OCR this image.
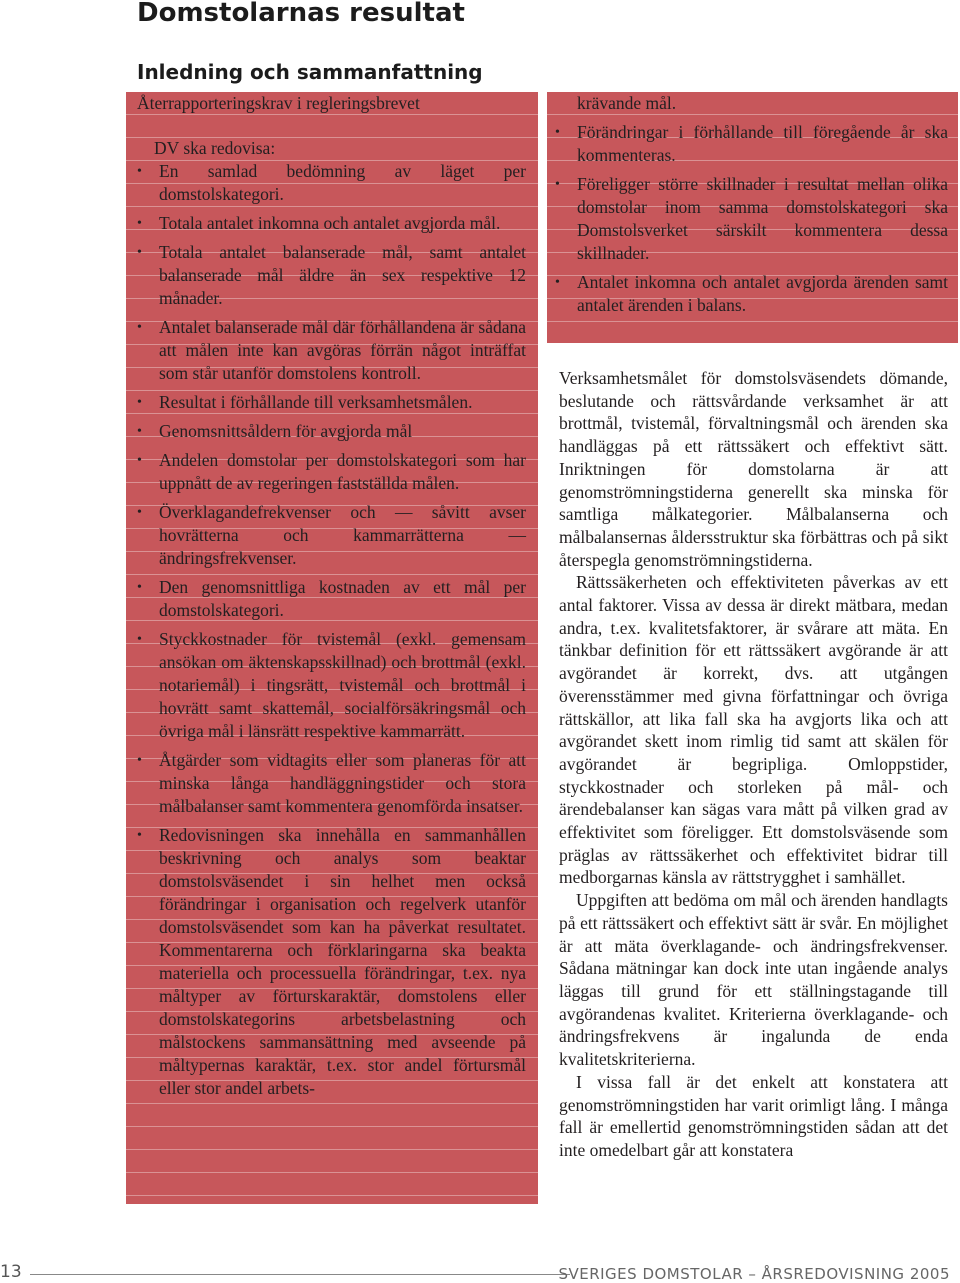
Domstolarnas resultat
Inledning och sammanfattning
Återrapporteringskrav i regleringsbrevet
DV ska redovisa:
• En samlad bedömning av läget per domstolskategori.
• Totala antalet inkomna och antalet avgjorda mål.
• Totala antalet balanserade mål, samt antalet balanserade mål äldre än sex respektive 12 månader.
• Antalet balanserade mål där förhållandena är sådana att målen inte kan avgöras förrän något inträffat som står utanför domstolens kontroll.
• Resultat i förhållande till verksamhetsmålen.
• Genomsnittsåldern för avgjorda mål
• Andelen domstolar per domstolskategori som har uppnått de av regeringen fastställda målen.
• Överklagandefrekvenser och — såvitt avser hovrätterna och kammarrätterna — ändringsfrekvenser.
• Den genomsnittliga kostnaden av ett mål per domstolskategori.
• Styckkostnader för tvistemål (exkl. gemensam ansökan om äktenskapsskillnad) och brottmål (exkl. notariemål) i tingsrätt, tvistemål och brottmål i hovrätt samt skattemål, socialförsäkringsmål och övriga mål i länsrätt respektive kammarrätt.
• Åtgärder som vidtagits eller som planeras för att minska långa handläggningstider och stora målbalanser samt kommentera genomförda insatser.
• Redovisningen ska innehålla en sammanhållen beskrivning och analys som beaktar domstolsväsendet i sin helhet men också förändringar i organisation och regelverk utanför domstolsväsendet som kan ha påverkat resultatet. Kommentarerna och förklaringarna ska beakta materiella och processuella förändringar, t.ex. nya måltyper av förturskaraktär, domstolens eller domstolskategorins arbetsbelastning och målstockens sammansättning med avseende på måltypernas karaktär, t.ex. stor andel förtursmål eller stor andel arbets-
krävande mål.
• Förändringar i förhållande till föregående år ska kommenteras.
• Föreligger större skillnader i resultat mellan olika domstolar inom samma domstolskategori ska Domstolsverket särskilt kommentera dessa skillnader.
• Antalet inkomna och antalet avgjorda ärenden samt antalet ärenden i balans.

Verksamhetsmålet för domstolsväsendets dömande, beslutande och rättsvårdande verksamhet är att brottmål, tvistemål, förvaltningsmål och ärenden ska handläggas på ett rättssäkert och effektivt sätt. Inriktningen för domstolarna är att genomströmningstiderna generellt ska minska för samtliga målkategorier. Målbalanserna och målbalansernas åldersstruktur ska förbättras och på sikt återspegla genomströmningstiderna.

Rättssäkerheten och effektiviteten påverkas av ett antal faktorer. Vissa av dessa är direkt mätbara, medan andra, t.ex. kvalitetsfaktorer, är svårare att mäta. En tänkbar definition för ett rättssäkert avgörande är att avgörandet är korrekt, dvs. att utgången överensstämmer med givna författningar och övriga rättskällor, att lika fall ska ha avgjorts lika och att avgörandet skett inom rimlig tid samt att skälen för avgörandet är begripliga. Omloppstider, styckkostnader och storleken på mål- och ärendebalanser kan sägas vara mått på vilken grad av effektivitet som föreligger. Ett domstolsväsende som präglas av rättssäkerhet och effektivitet bidrar till medborgarnas känsla av rättstrygghet i samhället.

Uppgiften att bedöma om mål och ärenden handlagts på ett rättssäkert och effektivt sätt är svår. En möjlighet är att mäta överklagande- och ändringsfrekvenser. Sådana mätningar kan dock inte utan ingående analys läggas till grund för ett ställningstagande till avgörandenas kvalitet. Kriterierna överklagande- och ändringsfrekvens är ingalunda de enda kvalitetskriterierna.

I vissa fall är det enkelt att konstatera att genomströmningstiden har varit orimligt lång. I många fall är emellertid genomströmningstiden sådan att det inte omedelbart går att konstatera

13	SVERIGES DOMSTOLAR – ÅRSREDOVISNING 2005
